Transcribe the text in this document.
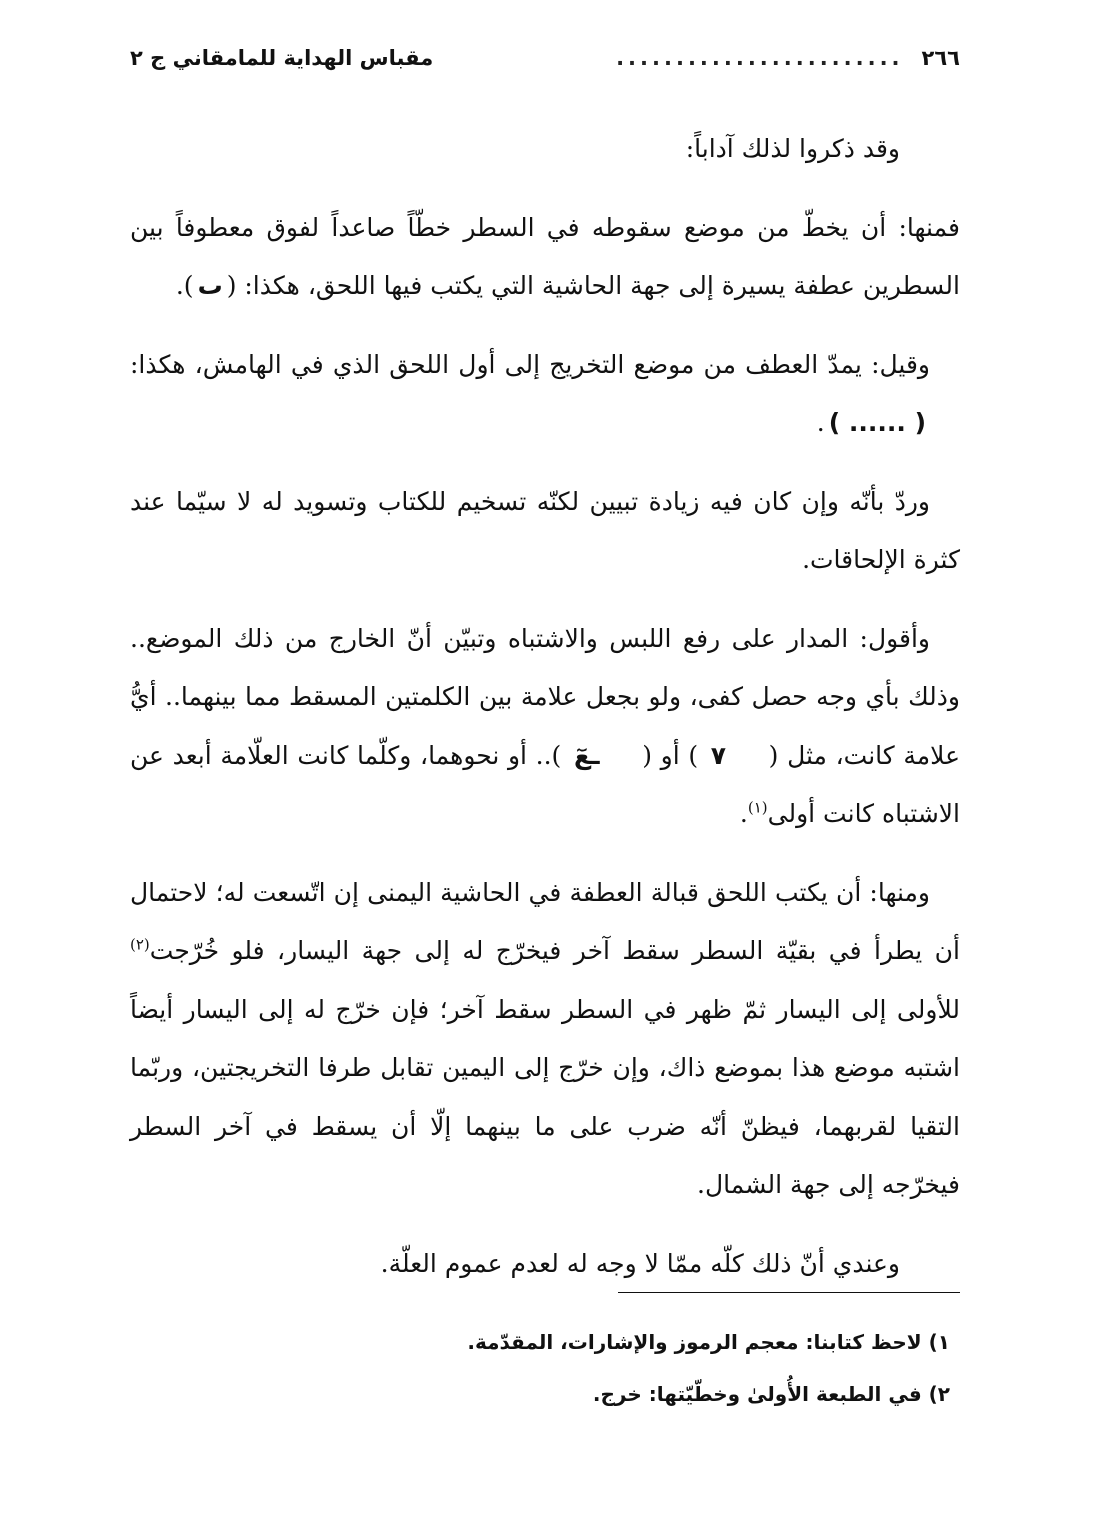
٢٦٦
........................
مقباس الهداية للمامقاني ج ٢

وقد ذكروا لذلك آداباً:

فمنها: أن يخطّ من موضع سقوطه في السطر خطّاً صاعداً لفوق معطوفاً بين السطرين عطفة يسيرة إلى جهة الحاشية التي يكتب فيها اللحق، هكذا: (ٮ).

وقيل: يمدّ العطف من موضع التخريج إلى أول اللحق الذي في الهامش، هكذا: (‎ ...... ‎).

وردّ بأنّه وإن كان فيه زيادة تبيين لكنّه تسخيم للكتاب وتسويد له لا سيّما عند كثرة الإلحاقات.

وأقول: المدار على رفع اللبس والاشتباه وتبيّن أنّ الخارج من ذلك الموضع.. وذلك بأي وجه حصل كفى، ولو بجعل علامة بين الكلمتين المسقط مما بينهما.. أيُّ علامة كانت، مثل ( ٧ ) أو ( ـعٓ ).. أو نحوهما، وكلّما كانت العلّامة أبعد عن الاشتباه كانت أولى$^{(١)}$.

ومنها: أن يكتب اللحق قبالة العطفة في الحاشية اليمنى إن اتّسعت له؛ لاحتمال أن يطرأ في بقيّة السطر سقط آخر فيخرّج له إلى جهة اليسار، فلو خُرّجت$^{(٢)}$ للأولى إلى اليسار ثمّ ظهر في السطر سقط آخر؛ فإن خرّج له إلى اليسار أيضاً اشتبه موضع هذا بموضع ذاك، وإن خرّج إلى اليمين تقابل طرفا التخريجتين، وربّما التقيا لقربهما، فيظنّ أنّه ضرب على ما بينهما إلّا أن يسقط في آخر السطر فيخرّجه إلى جهة الشمال.

وعندي أنّ ذلك كلّه ممّا لا وجه له لعدم عموم العلّة.

١) لاحظ كتابنا: معجم الرموز والإشارات، المقدّمة.
٢) في الطبعة الأُولىٰ وخطّيّتها: خرج.
